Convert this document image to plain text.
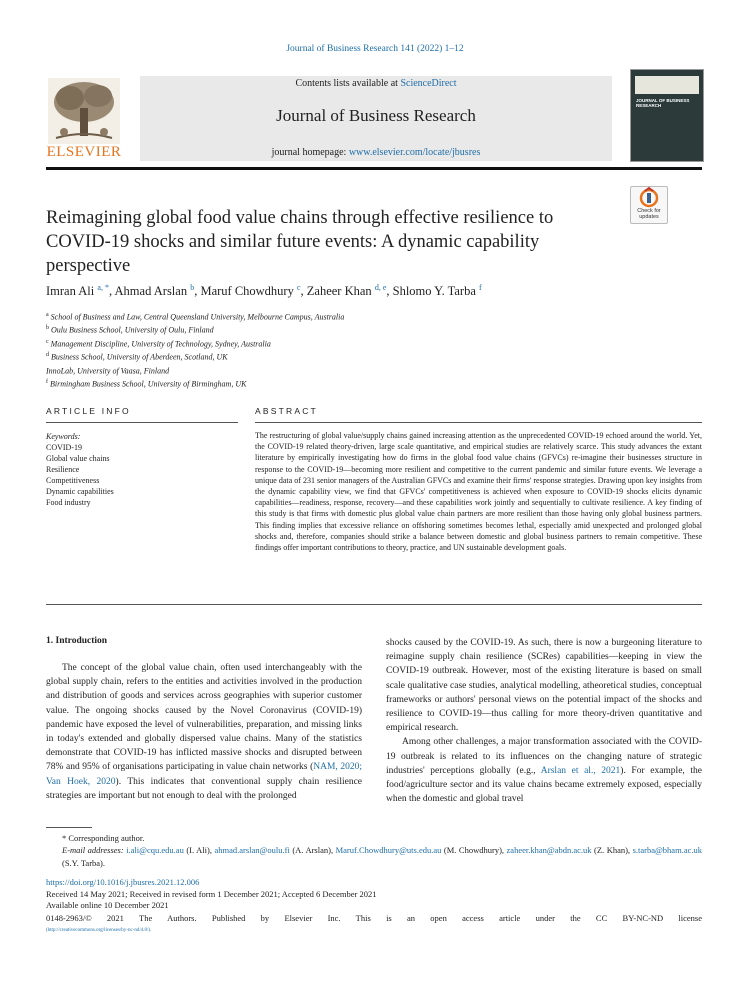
Journal of Business Research 141 (2022) 1–12
ELSEVIER
Contents lists available at ScienceDirect
Journal of Business Research
journal homepage: www.elsevier.com/locate/jbusres
JOURNAL OF BUSINESS RESEARCH
Check for updates
Reimagining global food value chains through effective resilience to COVID-19 shocks and similar future events: A dynamic capability perspective
Imran Ali $^{a, *}$, Ahmad Arslan $^b$, Maruf Chowdhury $^c$, Zaheer Khan $^{d, e}$, Shlomo Y. Tarba $^f$
$^a$ School of Business and Law, Central Queensland University, Melbourne Campus, Australia
$^b$ Oulu Business School, University of Oulu, Finland
$^c$ Management Discipline, University of Technology, Sydney, Australia
$^d$ Business School, University of Aberdeen, Scotland, UK
InnoLab, University of Vaasa, Finland
$^f$ Birmingham Business School, University of Birmingham, UK
ARTICLE INFO
Keywords:
COVID-19
Global value chains
Resilience
Competitiveness
Dynamic capabilities
Food industry
ABSTRACT
The restructuring of global value/supply chains gained increasing attention as the unprecedented COVID-19 echoed around the world. Yet, the COVID-19 related theory-driven, large scale quantitative, and empirical studies are relatively scarce. This study advances the extant literature by empirically investigating how do firms in the global food value chains (GFVCs) re-imagine their businesses structure in response to the COVID-19—becoming more resilient and competitive to the current pandemic and similar future events. We leverage a unique data of 231 senior managers of the Australian GFVCs and examine their firms' response strategies. Drawing upon key insights from the dynamic capability view, we find that GFVCs' competitiveness is achieved when exposure to COVID-19 shocks elicits dynamic capabilities—readiness, response, recovery—and these capabilities work jointly and sequentially to cultivate resilience. A key finding of this study is that firms with domestic plus global value chain partners are more resilient than those having only global business partners. This finding implies that excessive reliance on offshoring sometimes becomes lethal, especially amid unexpected and prolonged global shocks and, therefore, companies should strike a balance between domestic and global business partners to remain competitive. These findings offer important contributions to theory, practice, and UN sustainable development goals.
1. Introduction

The concept of the global value chain, often used interchangeably with the global supply chain, refers to the entities and activities involved in the production and distribution of goods and services across geographies with superior customer value. The ongoing shocks caused by the Novel Coronavirus (COVID-19) pandemic have exposed the level of vulnerabilities, preparation, and missing links in today's extended and globally dispersed value chains. Many of the statistics demonstrate that COVID-19 has inflicted massive shocks and disrupted between 78% and 95% of organisations participating in value chain networks (NAM, 2020; Van Hoek, 2020). This indicates that conventional supply chain resilience strategies are important but not enough to deal with the prolonged

shocks caused by the COVID-19. As such, there is now a burgeoning literature to reimagine supply chain resilience (SCRes) capabilities—keeping in view the COVID-19 outbreak. However, most of the existing literature is based on small scale qualitative case studies, analytical modelling, atheoretical studies, conceptual frameworks or authors' personal views on the potential impact of the shocks and resilience to COVID-19—thus calling for more theory-driven quantitative and empirical research.

Among other challenges, a major transformation associated with the COVID-19 outbreak is related to its influences on the changing nature of strategic industries' perceptions globally (e.g., Arslan et al., 2021). For example, the food/agriculture sector and its value chains became extremely exposed, especially when the domestic and global travel

* Corresponding author.
E-mail addresses: i.ali@cqu.edu.au (I. Ali), ahmad.arslan@oulu.fi (A. Arslan), Maruf.Chowdhury@uts.edu.au (M. Chowdhury), zaheer.khan@abdn.ac.uk (Z. Khan), s.tarba@bham.ac.uk (S.Y. Tarba).
https://doi.org/10.1016/j.jbusres.2021.12.006
Received 14 May 2021; Received in revised form 1 December 2021; Accepted 6 December 2021
Available online 10 December 2021
0148-2963/© 2021 The Authors. Published by Elsevier Inc. This is an open access article under the CC BY-NC-ND license
(http://creativecommons.org/licenses/by-nc-nd/4.0/).
